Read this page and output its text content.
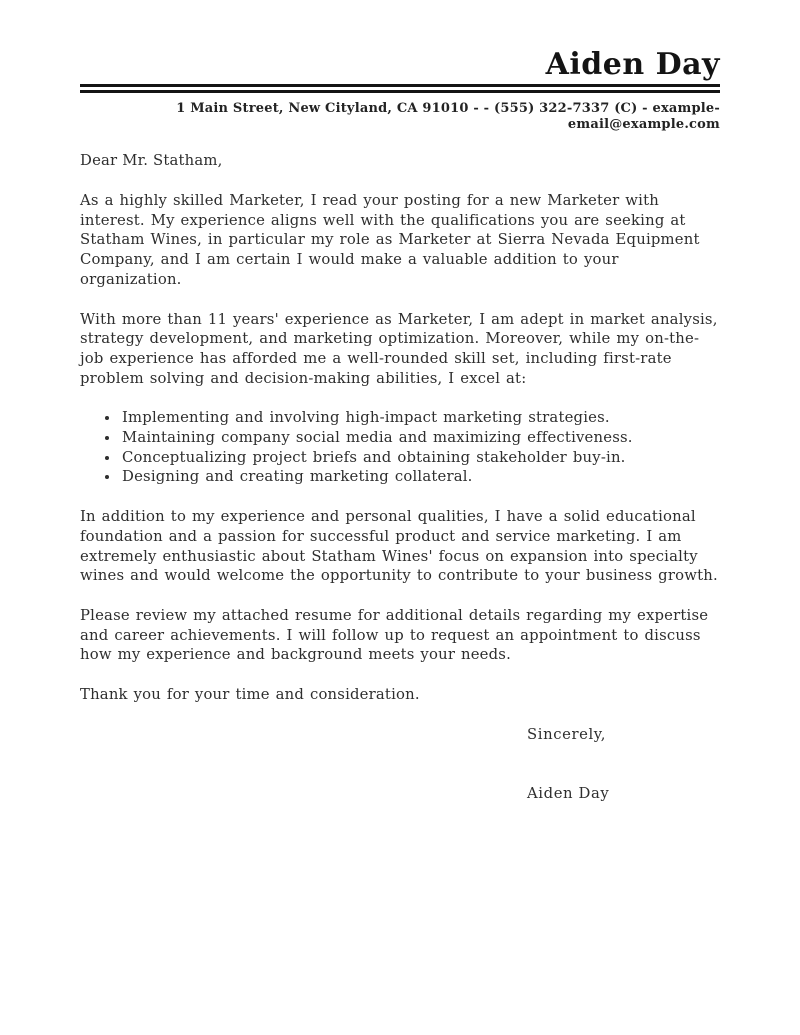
Aiden Day
1 Main Street, New Cityland, CA 91010 - - (555) 322-7337 (C) - example-email@example.com
Dear Mr. Statham,

As a highly skilled Marketer, I read your posting for a new Marketer with interest. My experience aligns well with the qualifications you are seeking at Statham Wines, in particular my role as Marketer at Sierra Nevada Equipment Company, and I am certain I would make a valuable addition to your organization.

With more than 11 years' experience as Marketer, I am adept in market analysis, strategy development, and marketing optimization. Moreover, while my on-the-job experience has afforded me a well-rounded skill set, including first-rate problem solving and decision-making abilities, I excel at:

• Implementing and involving high-impact marketing strategies.
• Maintaining company social media and maximizing effectiveness.
• Conceptualizing project briefs and obtaining stakeholder buy-in.
• Designing and creating marketing collateral.

In addition to my experience and personal qualities, I have a solid educational foundation and a passion for successful product and service marketing. I am extremely enthusiastic about Statham Wines' focus on expansion into specialty wines and would welcome the opportunity to contribute to your business growth.

Please review my attached resume for additional details regarding my expertise and career achievements. I will follow up to request an appointment to discuss how my experience and background meets your needs.

Thank you for your time and consideration.

Sincerely,
Aiden Day
